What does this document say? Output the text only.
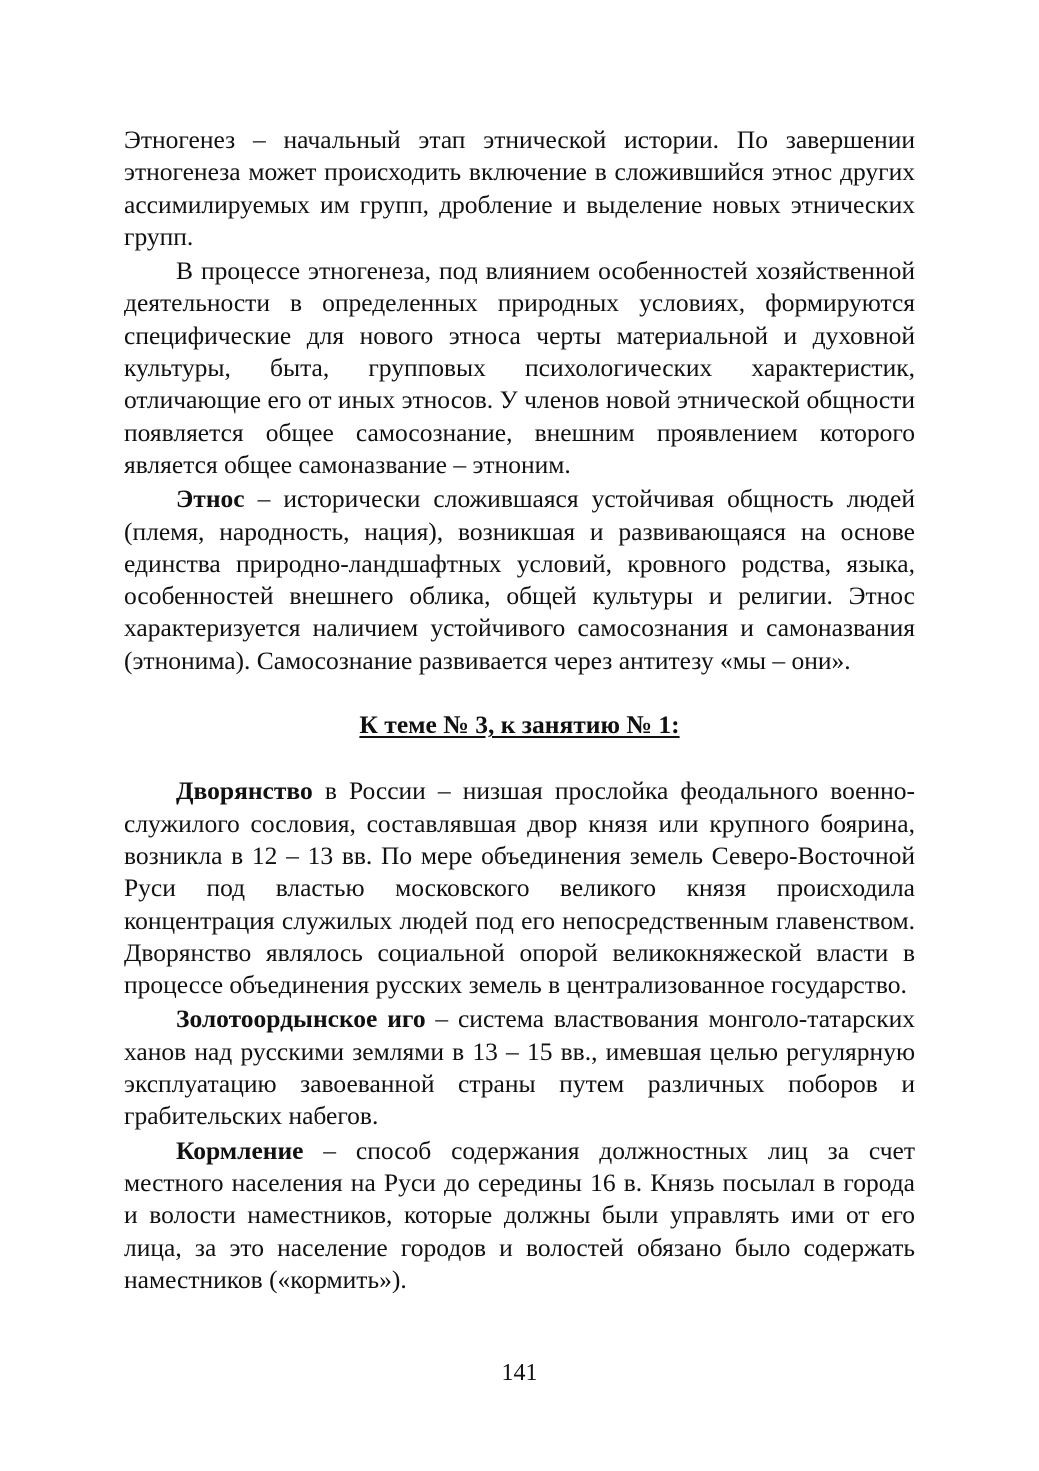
Этногенез – начальный этап этнической истории. По завершении этногенеза может происходить включение в сложившийся этнос других ассимилируемых им групп, дробление и выделение новых этнических групп.

В процессе этногенеза, под влиянием особенностей хозяйственной деятельности в определенных природных условиях, формируются специфические для нового этноса черты материальной и духовной культуры, быта, групповых психологических характеристик, отличающие его от иных этносов. У членов новой этнической общности появляется общее самосознание, внешним проявлением которого является общее самоназвание – этноним.

Этнос – исторически сложившаяся устойчивая общность людей (племя, народность, нация), возникшая и развивающаяся на основе единства природно-ландшафтных условий, кровного родства, языка, особенностей внешнего облика, общей культуры и религии. Этнос характеризуется наличием устойчивого самосознания и самоназвания (этнонима). Самосознание развивается через антитезу «мы – они».

К теме № 3, к занятию № 1:

Дворянство в России – низшая прослойка феодального военно-служилого сословия, составлявшая двор князя или крупного боярина, возникла в 12 – 13 вв. По мере объединения земель Северо-Восточной Руси под властью московского великого князя происходила концентрация служилых людей под его непосредственным главенством. Дворянство являлось социальной опорой великокняжеской власти в процессе объединения русских земель в централизованное государство.

Золотоордынское иго – система властвования монголо-татарских ханов над русскими землями в 13 – 15 вв., имевшая целью регулярную эксплуатацию завоеванной страны путем различных поборов и грабительских набегов.

Кормление – способ содержания должностных лиц за счет местного населения на Руси до середины 16 в. Князь посылал в города и волости наместников, которые должны были управлять ими от его лица, за это население городов и волостей обязано было содержать наместников («кормить»).

141
